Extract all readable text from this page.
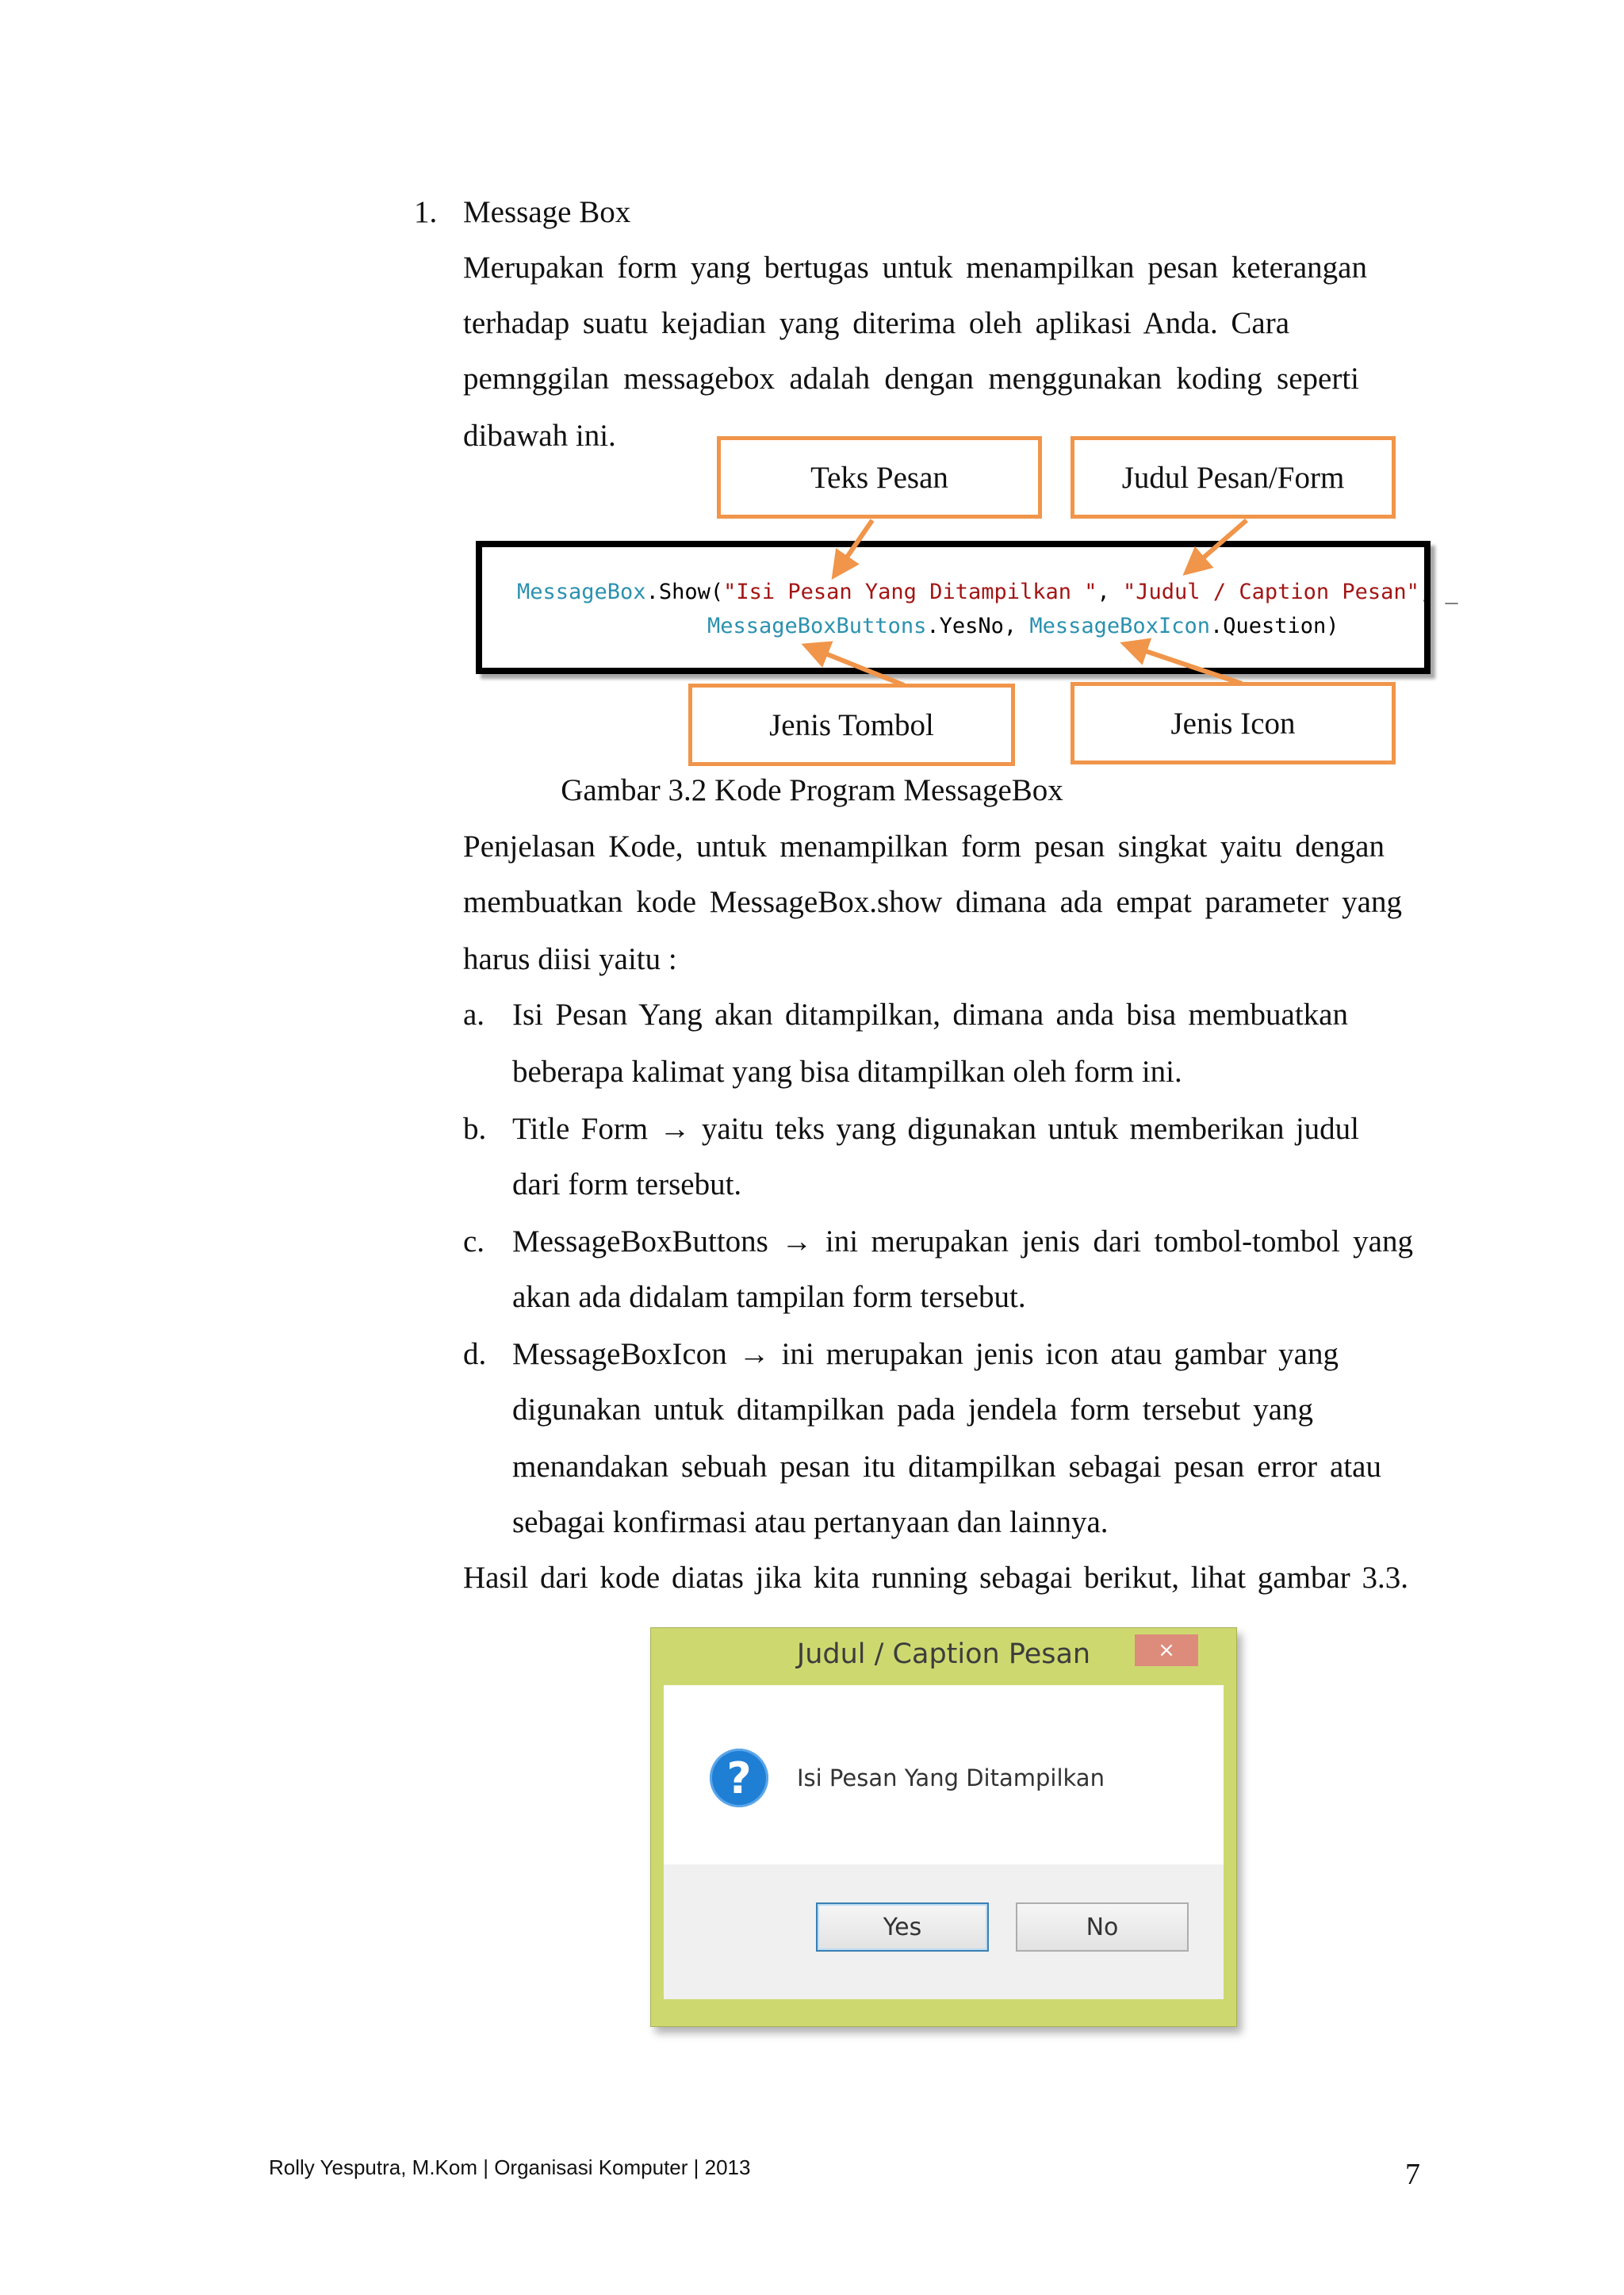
1. Message Box
Merupakan form yang bertugas untuk menampilkan pesan keterangan
terhadap suatu kejadian yang diterima oleh aplikasi Anda. Cara
pemnggilan messagebox adalah dengan menggunakan koding seperti
dibawah ini.
Teks Pesan	Judul Pesan/Form
MessageBox.Show("Isi Pesan Yang Ditampilkan ", "Judul / Caption Pesan", _
MessageBoxButtons.YesNo, MessageBoxIcon.Question)
Jenis Tombol	Jenis Icon
Gambar 3.2 Kode Program MessageBox
Penjelasan Kode, untuk menampilkan form pesan singkat yaitu dengan
membuatkan kode MessageBox.show dimana ada empat parameter yang
harus diisi yaitu :
a. Isi Pesan Yang akan ditampilkan, dimana anda bisa membuatkan
beberapa kalimat yang bisa ditampilkan oleh form ini.
b. Title Form → yaitu teks yang digunakan untuk memberikan judul
dari form tersebut.
c. MessageBoxButtons → ini merupakan jenis dari tombol-tombol yang
akan ada didalam tampilan form tersebut.
d. MessageBoxIcon → ini merupakan jenis icon atau gambar yang
digunakan untuk ditampilkan pada jendela form tersebut yang
menandakan sebuah pesan itu ditampilkan sebagai pesan error atau
sebagai konfirmasi atau pertanyaan dan lainnya.
Hasil dari kode diatas jika kita running sebagai berikut, lihat gambar 3.3.
Judul / Caption Pesan	×
?	Isi Pesan Yang Ditampilkan
Yes	No
Rolly Yesputra, M.Kom | Organisasi Komputer | 2013	7
